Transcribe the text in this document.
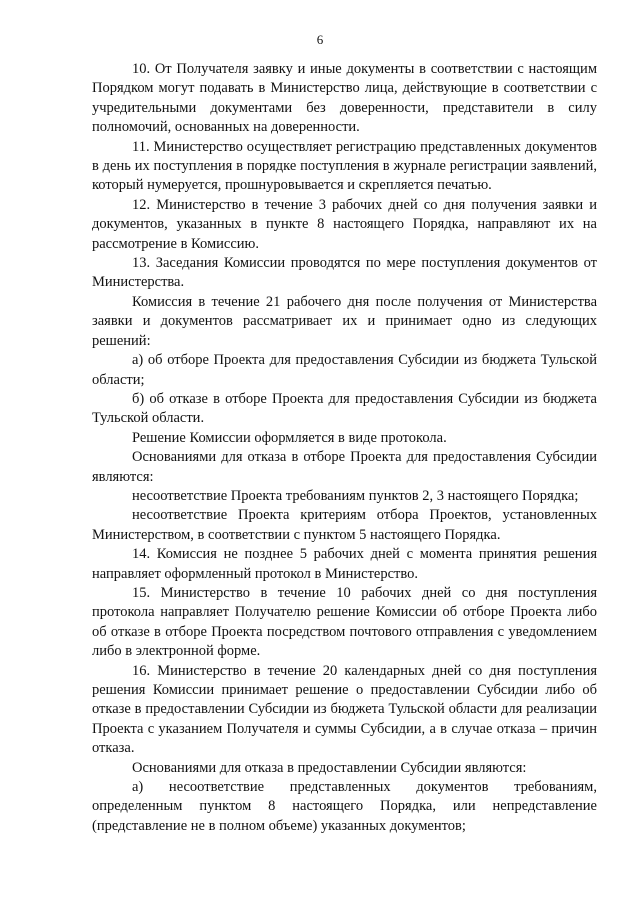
6

10. От Получателя заявку и иные документы в соответствии с настоящим Порядком могут подавать в Министерство лица, действующие в соответствии с учредительными документами без доверенности, представители в силу полномочий, основанных на доверенности.

11. Министерство осуществляет регистрацию представленных документов в день их поступления в порядке поступления в журнале регистрации заявлений, который нумеруется, прошнуровывается и скрепляется печатью.

12. Министерство в течение 3 рабочих дней со дня получения заявки и документов, указанных в пункте 8 настоящего Порядка, направляют их на рассмотрение в Комиссию.

13. Заседания Комиссии проводятся по мере поступления документов от Министерства.

Комиссия в течение 21 рабочего дня после получения от Министерства заявки и документов рассматривает их и принимает одно из следующих решений:

а) об отборе Проекта для предоставления Субсидии из бюджета Тульской области;

б) об отказе в отборе Проекта для предоставления Субсидии из бюджета Тульской области.

Решение Комиссии оформляется в виде протокола.

Основаниями для отказа в отборе Проекта для предоставления Субсидии являются:

несоответствие Проекта требованиям пунктов 2, 3 настоящего Порядка;

несоответствие Проекта критериям отбора Проектов, установленных Министерством, в соответствии с пунктом 5 настоящего Порядка.

14. Комиссия не позднее 5 рабочих дней с момента принятия решения направляет оформленный протокол в Министерство.

15. Министерство в течение 10 рабочих дней со дня поступления протокола направляет Получателю решение Комиссии об отборе Проекта либо об отказе в отборе Проекта посредством почтового отправления с уведомлением либо в электронной форме.

16. Министерство в течение 20 календарных дней со дня поступления решения Комиссии принимает решение о предоставлении Субсидии либо об отказе в предоставлении Субсидии из бюджета Тульской области для реализации Проекта с указанием Получателя и суммы Субсидии, а в случае отказа – причин отказа.

Основаниями для отказа в предоставлении Субсидии являются:

а) несоответствие представленных документов требованиям, определенным пунктом 8 настоящего Порядка, или непредставление (представление не в полном объеме) указанных документов;
